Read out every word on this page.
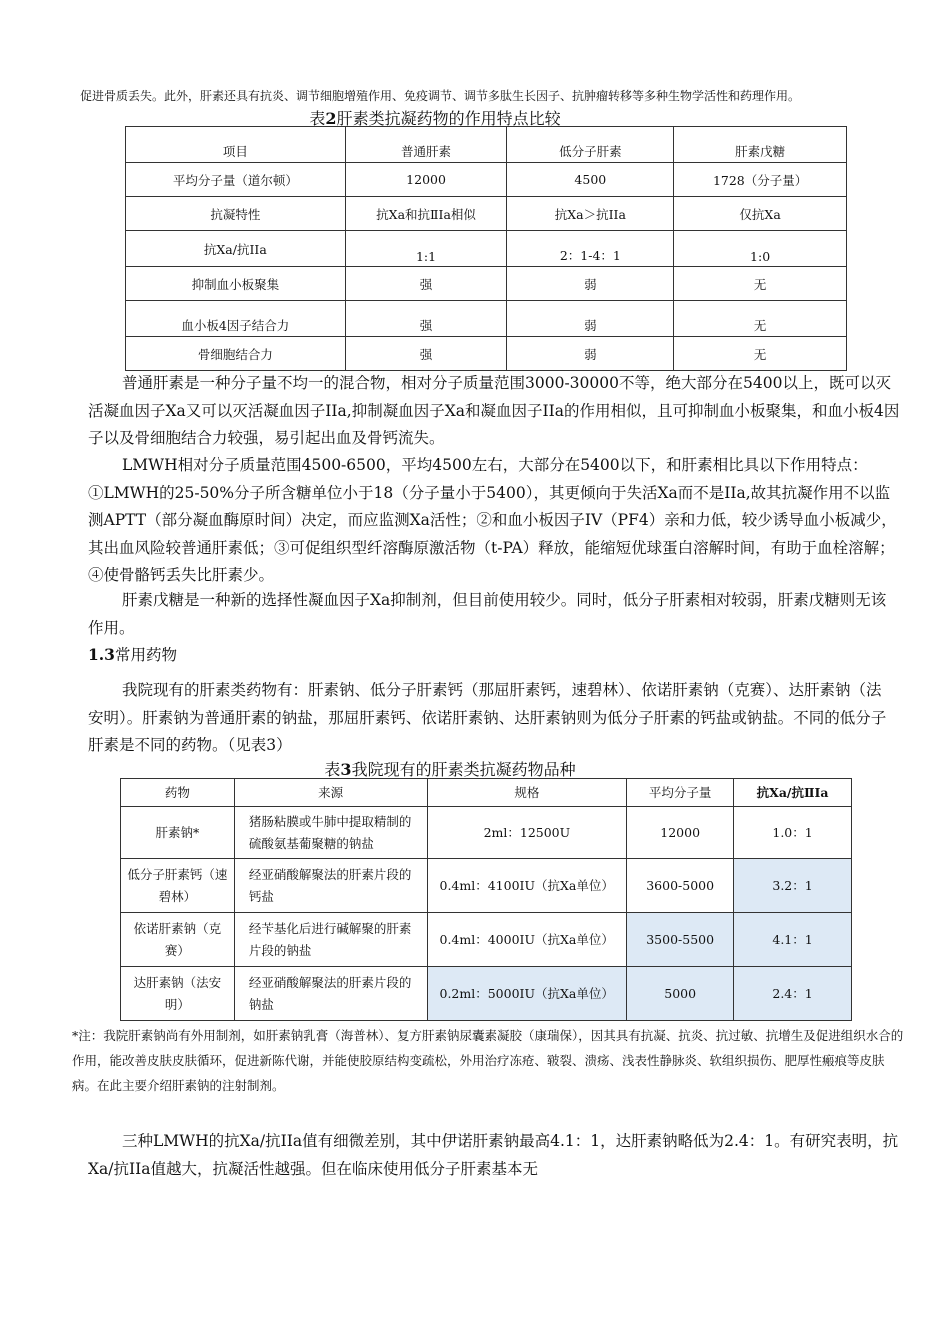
促进骨质丢失。此外，肝素还具有抗炎、调节细胞增殖作用、免疫调节、调节多肽生长因子、抗肿瘤转移等多种生物学活性和药理作用。
表2肝素类抗凝药物的作用特点比较
项目	普通肝素	低分子肝素	肝素戊糖
平均分子量（道尔顿）	12000	4500	1728（分子量）
抗凝特性	抗Ⅹa和抗ⅡIa相似	抗Ⅹa＞抗IIa	仅抗Ⅹa
抗Ⅹa/抗IIa	1:1	2：1-4：1	1:0
抑制血小板聚集	强	弱	无
血小板4因子结合力	强	弱	无
骨细胞结合力	强	弱	无
普通肝素是一种分子量不均一的混合物，相对分子质量范围3000-30000不等，绝大部分在5400以上，既可以灭活凝血因子Xa又可以灭活凝血因子IIa,抑制凝血因子Xa和凝血因子IIa的作用相似，且可抑制血小板聚集，和血小板4因子以及骨细胞结合力较强，易引起出血及骨钙流失。
LMWH相对分子质量范围4500-6500，平均4500左右，大部分在5400以下，和肝素相比具以下作用特点：①LMWH的25-50%分子所含糖单位小于18（分子量小于5400），其更倾向于失活Xa而不是IIa,故其抗凝作用不以监测APTT（部分凝血酶原时间）决定，而应监测Xa活性；②和血小板因子IV（PF4）亲和力低，较少诱导血小板减少，其出血风险较普通肝素低；③可促组织型纤溶酶原激活物（t-PA）释放，能缩短优球蛋白溶解时间，有助于血栓溶解；④使骨骼钙丢失比肝素少。
肝素戊糖是一种新的选择性凝血因子Xa抑制剂，但目前使用较少。同时，低分子肝素相对较弱，肝素戊糖则无该作用。
1.3常用药物
我院现有的肝素类药物有：肝素钠、低分子肝素钙（那屈肝素钙，速碧林）、依诺肝素钠（克赛）、达肝素钠（法安明）。肝素钠为普通肝素的钠盐，那屈肝素钙、依诺肝素钠、达肝素钠则为低分子肝素的钙盐或钠盐。不同的低分子肝素是不同的药物。（见表3）
表3我院现有的肝素类抗凝药物品种
药物	来源	规格	平均分子量	抗Ⅹa/抗ⅡIa
肝素钠*	猪肠粘膜或牛肺中提取精制的硫酸氨基葡聚糖的钠盐	2ml：12500U	12000	1.0：1
低分子肝素钙（速碧林）	经亚硝酸解聚法的肝素片段的钙盐	0.4ml：4100IU（抗Xa单位）	3600-5000	3.2：1
依诺肝素钠（克赛）	经苄基化后进行碱解聚的肝素片段的钠盐	0.4ml：4000IU（抗Xa单位）	3500-5500	4.1：1
达肝素钠（法安明）	经亚硝酸解聚法的肝素片段的钠盐	0.2ml：5000IU（抗Xa单位）	5000	2.4：1
*注：我院肝素钠尚有外用制剂，如肝素钠乳膏（海普林）、复方肝素钠尿囊素凝胶（康瑞保），因其具有抗凝、抗炎、抗过敏、抗增生及促进组织水合的作用，能改善皮肤皮肤循环，促进新陈代谢，并能使胶原结构变疏松，外用治疗冻疮、皲裂、溃疡、浅表性静脉炎、软组织损伤、肥厚性瘢痕等皮肤病。在此主要介绍肝素钠的注射制剂。
三种LMWH的抗Xa/抗IIa值有细微差别，其中伊诺肝素钠最高4.1：1，达肝素钠略低为2.4：1。有研究表明，抗Xa/抗IIa值越大，抗凝活性越强。但在临床使用低分子肝素基本无
